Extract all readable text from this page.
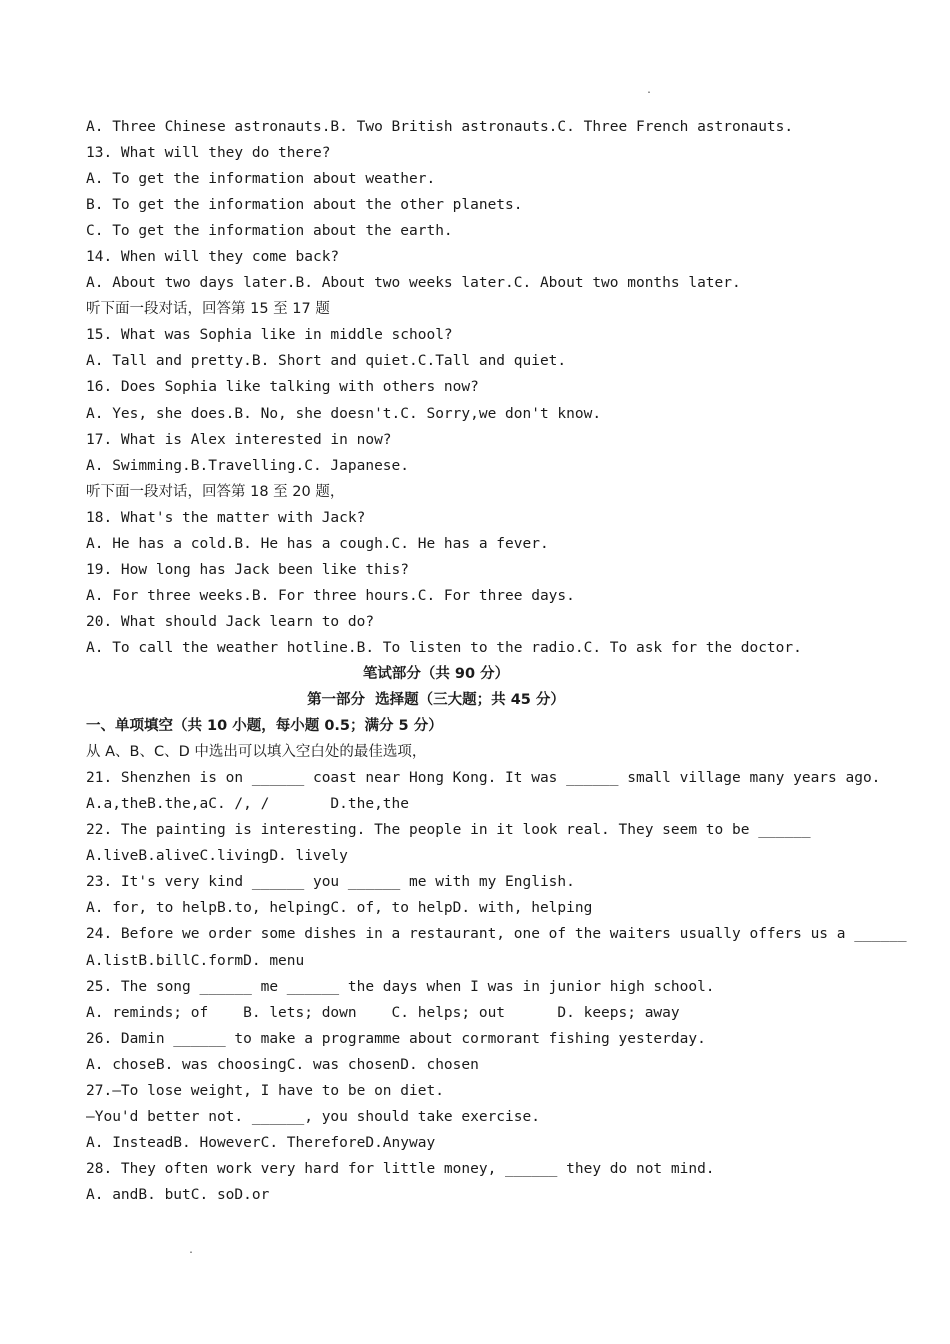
.
A. Three Chinese astronauts.B. Two British astronauts.C. Three French astronauts.
13. What will they do there?
A. To get the information about weather.
B. To get the information about the other planets.
C. To get the information about the earth.
14. When will they come back?
A. About two days later.B. About two weeks later.C. About two months later.
听下面一段对话，回答第 15 至 17 题
15. What was Sophia like in middle school?
A. Tall and pretty.B. Short and quiet.C.Tall and quiet.
16. Does Sophia like talking with others now?
A. Yes, she does.B. No, she doesn't.C. Sorry,we don't know.
17. What is Alex interested in now?
A. Swimming.B.Travelling.C. Japanese.
听下面一段对话，回答第 18 至 20 题，
18. What's the matter with Jack?
A. He has a cold.B. He has a cough.C. He has a fever.
19. How long has Jack been like this?
A. For three weeks.B. For three hours.C. For three days.
20. What should Jack learn to do?
A. To call the weather hotline.B. To listen to the radio.C. To ask for the doctor.
笔试部分（共 90 分）
第一部分  选择题（三大题；共 45 分）
一、单项填空（共 10 小题，每小题 0.5；满分 5 分）
从 A、B、C、D 中选出可以填入空白处的最佳选项，
21. Shenzhen is on ______ coast near Hong Kong. It was ______ small village many years ago.
A.a,theB.the,aC. /, /       D.the,the
22. The painting is interesting. The people in it look real. They seem to be ______
A.liveB.aliveC.livingD. lively
23. It's very kind ______ you ______ me with my English.
A. for, to helpB.to, helpingC. of, to helpD. with, helping
24. Before we order some dishes in a restaurant, one of the waiters usually offers us a ______
A.listB.billC.formD. menu
25. The song ______ me ______ the days when I was in junior high school.
A. reminds; of    B. lets; down    C. helps; out      D. keeps; away
26. Damin ______ to make a programme about cormorant fishing yesterday.
A. choseB. was choosingC. was chosenD. chosen
27.—To lose weight, I have to be on diet.
—You'd better not. ______, you should take exercise.
A. InsteadB. HoweverC. ThereforeD.Anyway
28. They often work very hard for little money, ______ they do not mind.
A. andB. butC. soD.or
.
